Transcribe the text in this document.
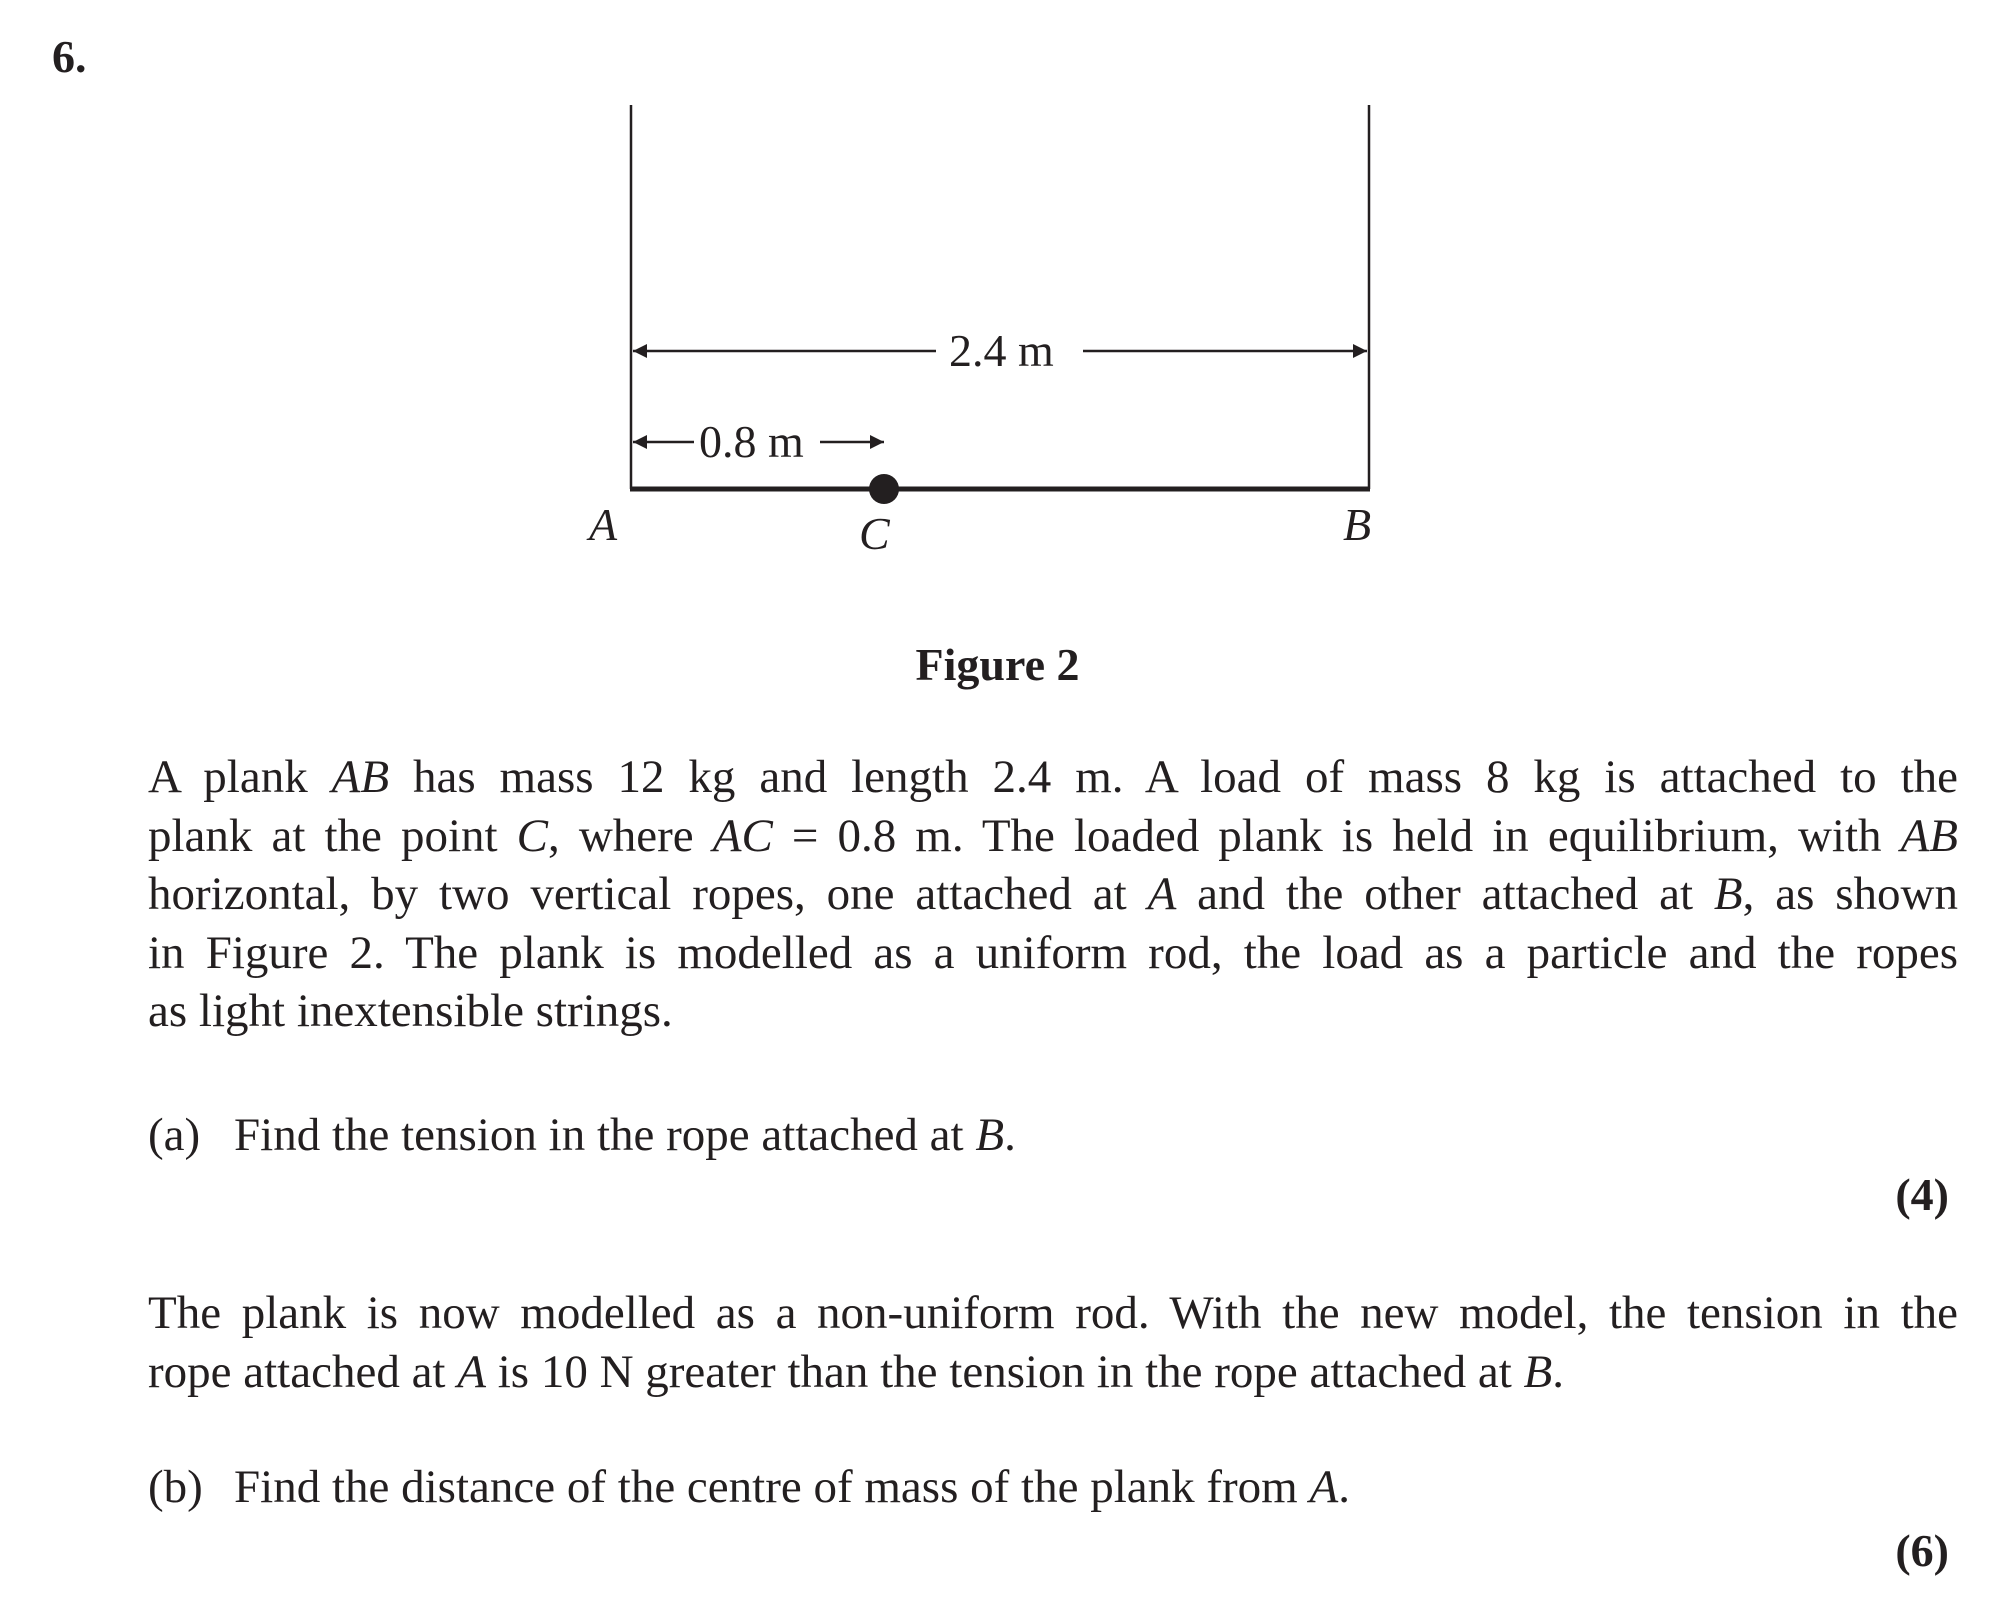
6.
2.4 m
0.8 m
A	C	B
Figure 2
A plank AB has mass 12 kg and length 2.4 m. A load of mass 8 kg is attached to the
plank at the point C, where AC = 0.8 m. The loaded plank is held in equilibrium, with AB
horizontal, by two vertical ropes, one attached at A and the other attached at B, as shown
in Figure 2. The plank is modelled as a uniform rod, the load as a particle and the ropes
as light inextensible strings.
(a) Find the tension in the rope attached at B.
(4)
The plank is now modelled as a non-uniform rod. With the new model, the tension in the
rope attached at A is 10 N greater than the tension in the rope attached at B.
(b) Find the distance of the centre of mass of the plank from A.
(6)
